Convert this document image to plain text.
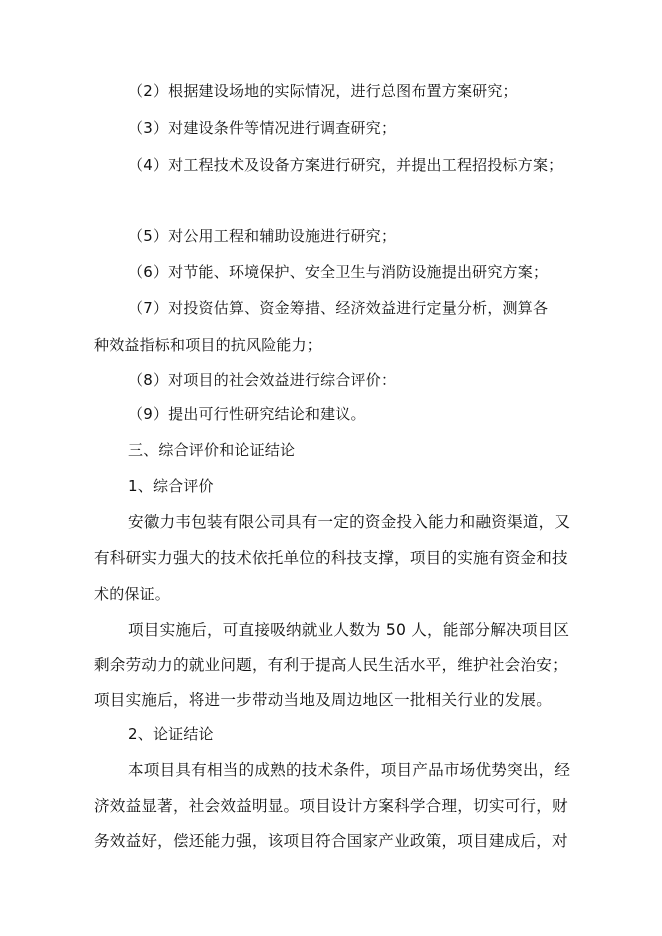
（2）根据建设场地的实际情况，进行总图布置方案研究；
（3）对建设条件等情况进行调查研究；
（4）对工程技术及设备方案进行研究，并提出工程招投标方案；
（5）对公用工程和辅助设施进行研究；
（6）对节能、环境保护、安全卫生与消防设施提出研究方案；
（7）对投资估算、资金筹措、经济效益进行定量分析，测算各
种效益指标和项目的抗风险能力；
（8）对项目的社会效益进行综合评价：
（9）提出可行性研究结论和建议。
三、综合评价和论证结论
1、综合评价
安徽力韦包装有限公司具有一定的资金投入能力和融资渠道，又
有科研实力强大的技术依托单位的科技支撑，项目的实施有资金和技
术的保证。
项目实施后，可直接吸纳就业人数为 50 人，能部分解决项目区
剩余劳动力的就业问题，有利于提高人民生活水平，维护社会治安；
项目实施后，将进一步带动当地及周边地区一批相关行业的发展。
2、论证结论
本项目具有相当的成熟的技术条件，项目产品市场优势突出，经
济效益显著，社会效益明显。项目设计方案科学合理，切实可行，财
务效益好，偿还能力强，该项目符合国家产业政策，项目建成后，对
